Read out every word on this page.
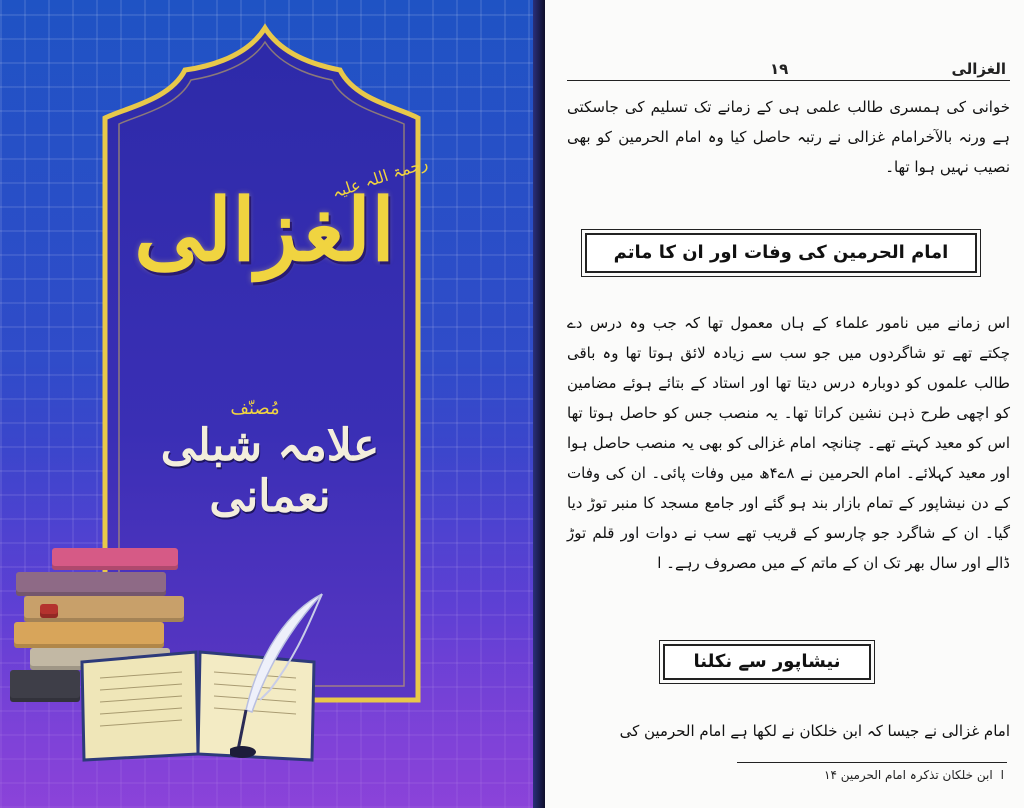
رحمۃ اللہ علیہ
الغزالی
مُصنّف
علامہ شبلی نعمانی
الغزالی
۱۹
خوانی کی ہمسری طالب علمی ہی کے زمانے تک تسلیم کی جاسکتی ہے ورنہ بالآخرامام غزالی نے رتبہ حاصل کیا وہ امام الحرمین کو بھی نصیب نہیں ہوا تھا۔
امام الحرمین کی وفات اور ان کا ماتم
اس زمانے میں نامور علماء کے ہاں معمول تھا کہ جب وہ درس دے چکتے تھے تو شاگردوں میں جو سب سے زیادہ لائق ہوتا تھا وہ باقی طالب علموں کو دوبارہ درس دیتا تھا اور استاد کے بتائے ہوئے مضامین کو اچھی طرح ذہن نشین کراتا تھا۔ یہ منصب جس کو حاصل ہوتا تھا اس کو معید کہتے تھے۔ چنانچہ امام غزالی کو بھی یہ منصب حاصل ہوا اور معید کہلائے۔ امام الحرمین نے ۸ے۴ھ میں وفات پائی۔ ان کی وفات کے دن نیشاپور کے تمام بازار بند ہو گئے اور جامع مسجد کا منبر توڑ دیا گیا۔ ان کے شاگرد جو چارسو کے قریب تھے سب نے دوات اور قلم توڑ ڈالے اور سال بھر تک ان کے ماتم کے میں مصروف رہے۔ ا
نیشاپور سے نکلنا
امام غزالی نے جیسا کہ ابن خلکان نے لکھا ہے امام الحرمین کی
اابن خلکان تذکرہ امام الحرمین ۱۴
